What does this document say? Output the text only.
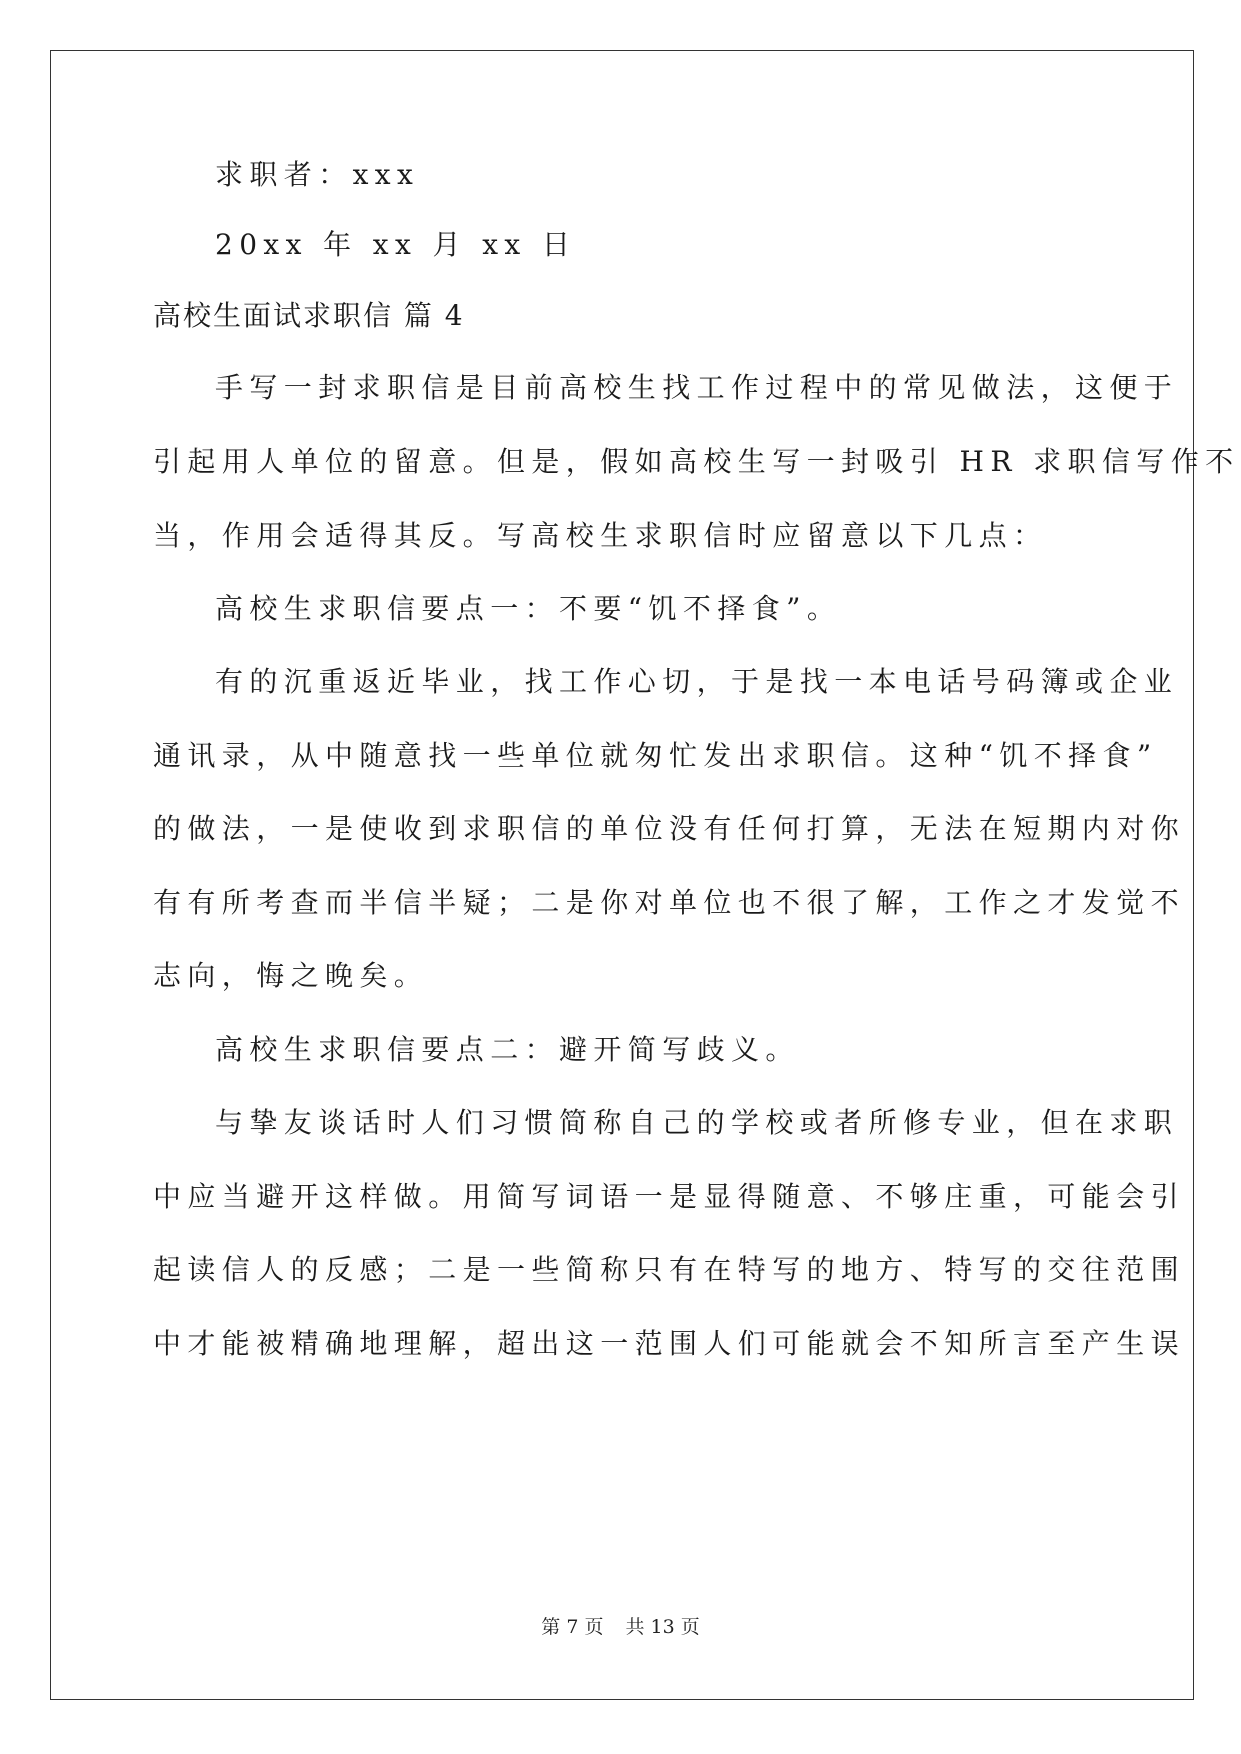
求职者：xxx
20xx 年 xx 月 xx 日
高校生面试求职信 篇 4
手写一封求职信是目前高校生找工作过程中的常见做法，这便于
引起用人单位的留意。但是，假如高校生写一封吸引 HR 求职信写作不
当，作用会适得其反。写高校生求职信时应留意以下几点：
高校生求职信要点一：不要“饥不择食”。
有的沉重返近毕业，找工作心切，于是找一本电话号码簿或企业
通讯录，从中随意找一些单位就匆忙发出求职信。这种“饥不择食”
的做法，一是使收到求职信的单位没有任何打算，无法在短期内对你
有有所考查而半信半疑；二是你对单位也不很了解，工作之才发觉不
志向，悔之晚矣。
高校生求职信要点二：避开简写歧义。
与挚友谈话时人们习惯简称自己的学校或者所修专业，但在求职
中应当避开这样做。用简写词语一是显得随意、不够庄重，可能会引
起读信人的反感；二是一些简称只有在特写的地方、特写的交往范围
中才能被精确地理解，超出这一范围人们可能就会不知所言至产生误
第 7 页 共 13 页
